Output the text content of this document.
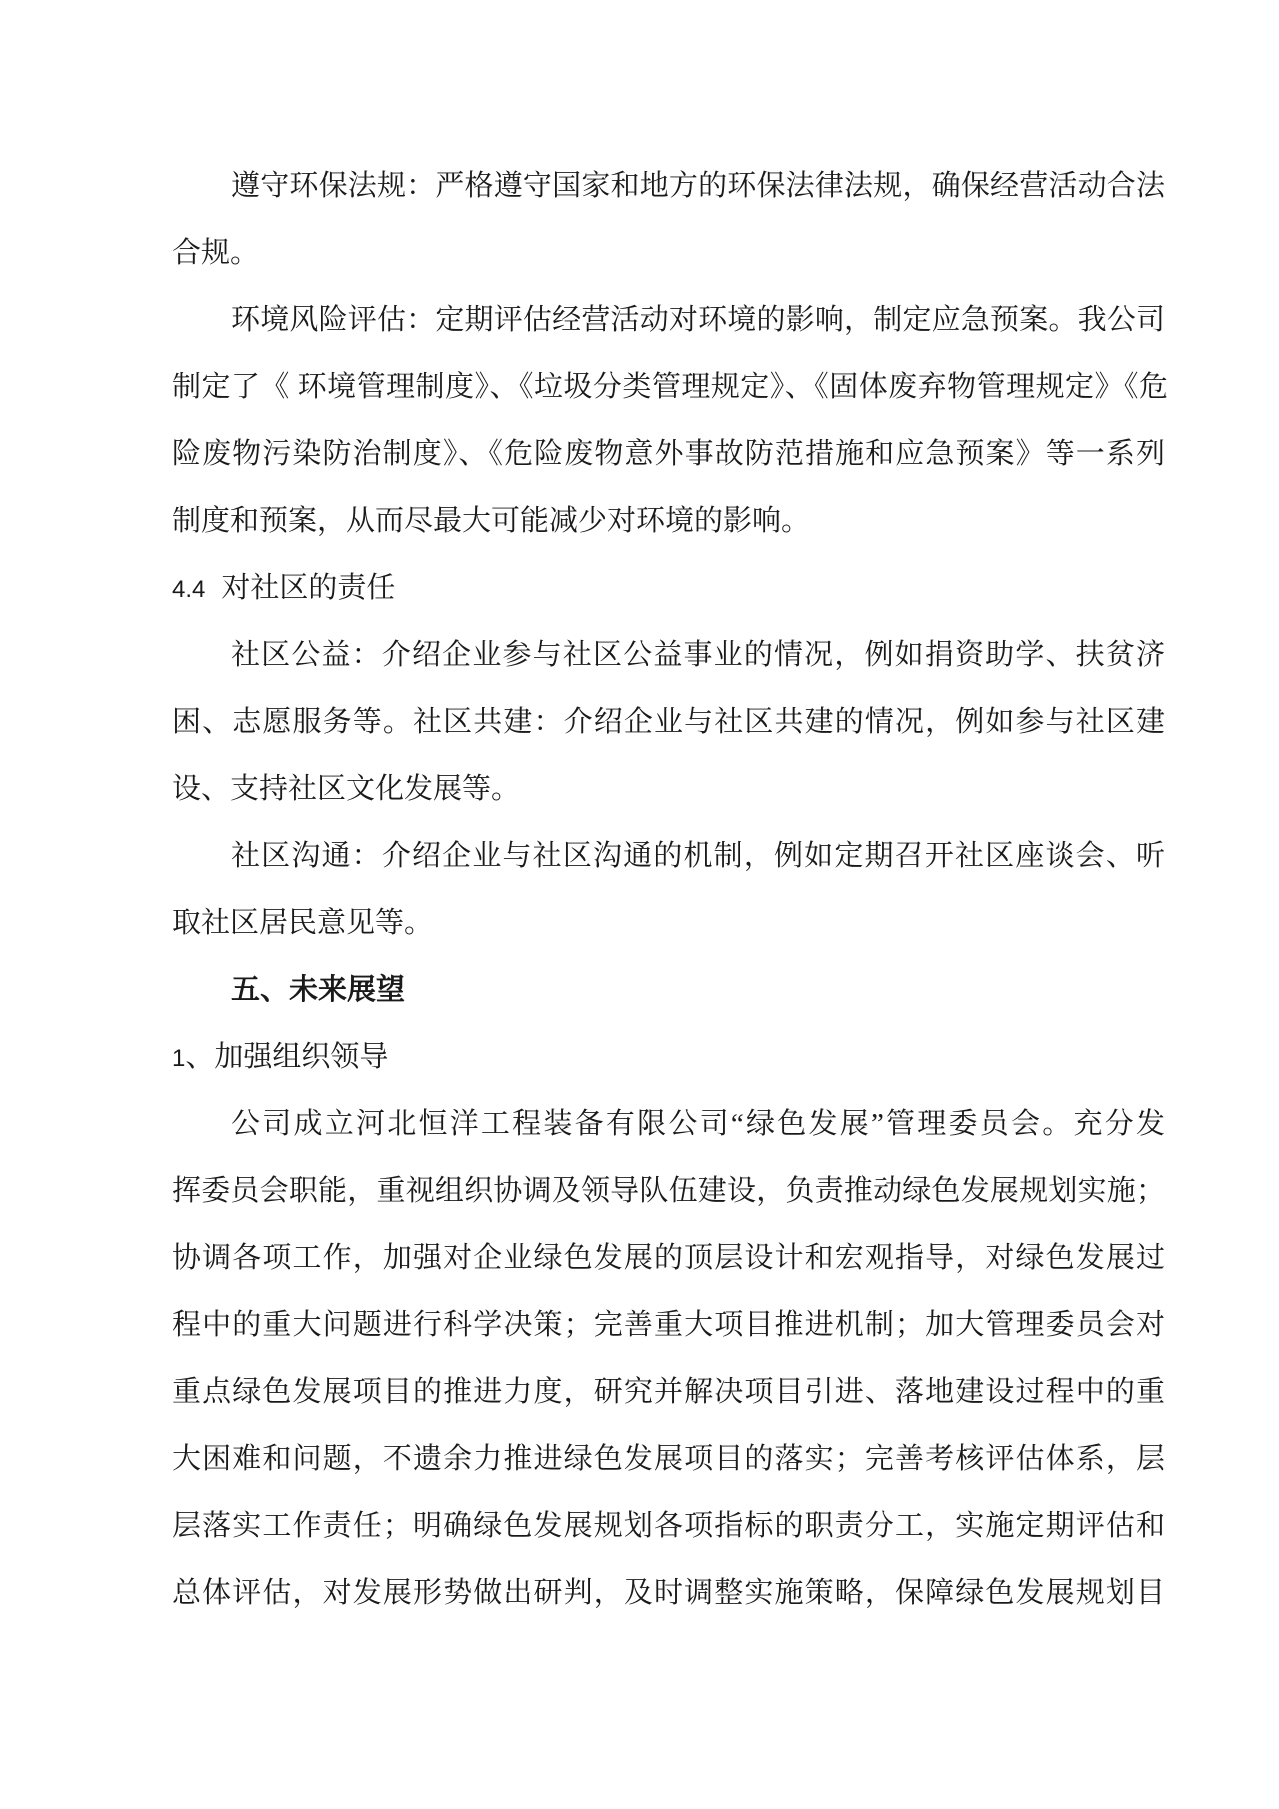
遵守环保法规：严格遵守国家和地方的环保法律法规，确保经营活动合法
合规。
环境风险评估：定期评估经营活动对环境的影响，制定应急预案。我公司
制定了《 环境管理制度》、《垃圾分类管理规定》、《固体废弃物管理规定》《危
险废物污染防治制度》、《危险废物意外事故防范措施和应急预案》等一系列
制度和预案，从而尽最大可能减少对环境的影响。
4.4 对社区的责任
社区公益：介绍企业参与社区公益事业的情况，例如捐资助学、扶贫济
困、志愿服务等。社区共建：介绍企业与社区共建的情况，例如参与社区建
设、支持社区文化发展等。
社区沟通：介绍企业与社区沟通的机制，例如定期召开社区座谈会、听
取社区居民意见等。
五、未来展望
1、加强组织领导
公司成立河北恒洋工程装备有限公司“绿色发展”管理委员会。充分发
挥委员会职能，重视组织协调及领导队伍建设，负责推动绿色发展规划实施；
协调各项工作，加强对企业绿色发展的顶层设计和宏观指导，对绿色发展过
程中的重大问题进行科学决策；完善重大项目推进机制；加大管理委员会对
重点绿色发展项目的推进力度，研究并解决项目引进、落地建设过程中的重
大困难和问题，不遗余力推进绿色发展项目的落实；完善考核评估体系，层
层落实工作责任；明确绿色发展规划各项指标的职责分工，实施定期评估和
总体评估，对发展形势做出研判，及时调整实施策略，保障绿色发展规划目
